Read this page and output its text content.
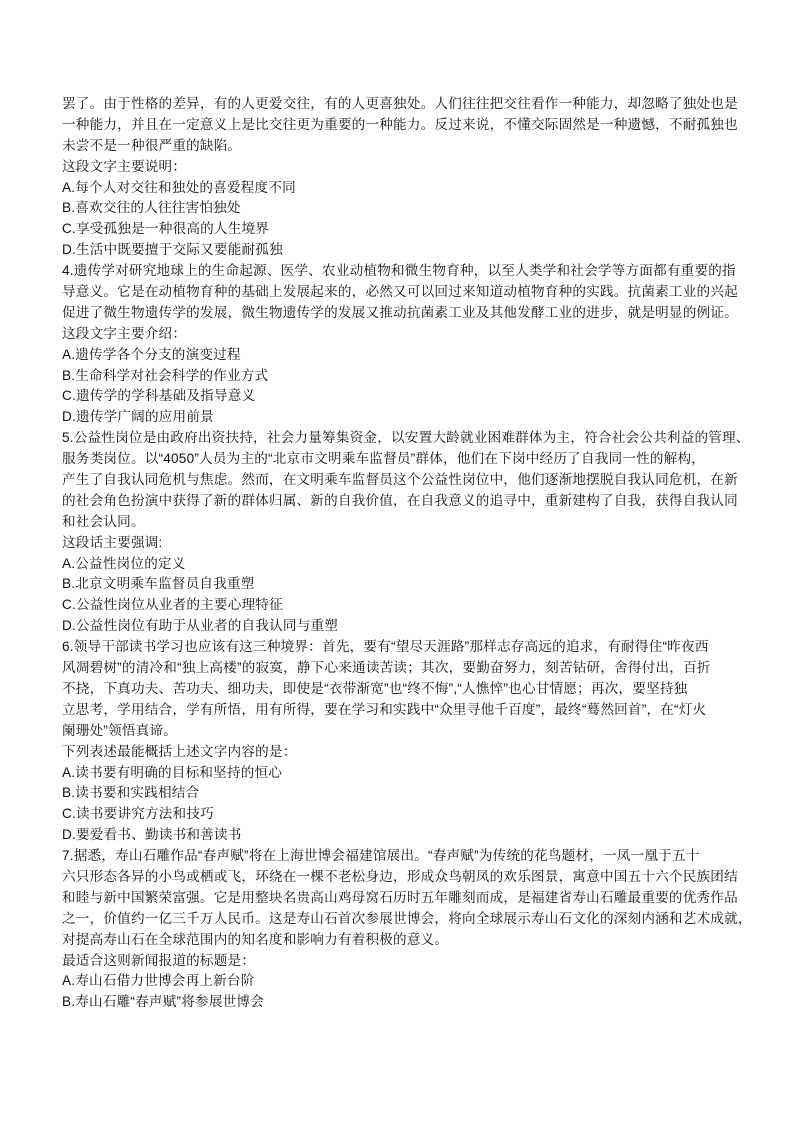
罢了。由于性格的差异，有的人更爱交往，有的人更喜独处。人们往往把交往看作一种能力，却忽略了独处也是
一种能力，并且在一定意义上是比交往更为重要的一种能力。反过来说，不懂交际固然是一种遗憾，不耐孤独也
未尝不是一种很严重的缺陷。
这段文字主要说明：
A.每个人对交往和独处的喜爱程度不同
B.喜欢交往的人往往害怕独处
C.享受孤独是一种很高的人生境界
D.生活中既要擅于交际又要能耐孤独
4.遗传学对研究地球上的生命起源、医学、农业动植物和微生物育种，以至人类学和社会学等方面都有重要的指
导意义。它是在动植物育种的基础上发展起来的，必然又可以回过来知道动植物育种的实践。抗菌素工业的兴起
促进了微生物遗传学的发展，微生物遗传学的发展又推动抗菌素工业及其他发酵工业的进步，就是明显的例证。
这段文字主要介绍：
A.遗传学各个分支的演变过程
B.生命科学对社会科学的作业方式
C.遗传学的学科基础及指导意义
D.遗传学广阔的应用前景
5.公益性岗位是由政府出资扶持，社会力量筹集资金，以安置大龄就业困难群体为主，符合社会公共利益的管理、
服务类岗位。以“4050”人员为主的“北京市文明乘车监督员”群体，他们在下岗中经历了自我同一性的解构，
产生了自我认同危机与焦虑。然而，在文明乘车监督员这个公益性岗位中，他们逐渐地摆脱自我认同危机，在新
的社会角色扮演中获得了新的群体归属、新的自我价值，在自我意义的追寻中，重新建构了自我，获得自我认同
和社会认同。
这段话主要强调:
A.公益性岗位的定义
B.北京文明乘车监督员自我重塑
C.公益性岗位从业者的主要心理特征
D.公益性岗位有助于从业者的自我认同与重塑
6.领导干部读书学习也应该有这三种境界：首先，要有“望尽天涯路”那样志存高远的追求，有耐得住“昨夜西
风凋碧树”的清冷和“独上高楼”的寂寞，静下心来通读苦读；其次，要勤奋努力，刻苦钻研，舍得付出，百折
不挠，下真功夫、苦功夫、细功夫，即使是“衣带渐宽”也“终不悔”,“人憔悴”也心甘情愿；再次，要坚持独
立思考，学用结合，学有所悟，用有所得，要在学习和实践中“众里寻他千百度”，最终“蓦然回首”，在“灯火
阑珊处”领悟真谛。
下列表述最能概括上述文字内容的是：
A.读书要有明确的目标和坚持的恒心
B.读书要和实践相结合
C.读书要讲究方法和技巧
D.要爱看书、勤读书和善读书
7.据悉，寿山石雕作品“春声赋”将在上海世博会福建馆展出。“春声赋”为传统的花鸟题材，一凤一凰于五十
六只形态各异的小鸟或栖或飞，环绕在一棵不老松身边，形成众鸟朝凤的欢乐图景，寓意中国五十六个民族团结
和睦与新中国繁荣富强。它是用整块名贵高山鸡母窝石历时五年雕刻而成，是福建省寿山石雕最重要的优秀作品
之一，价值约一亿三千万人民币。这是寿山石首次参展世博会，将向全球展示寿山石文化的深刻内涵和艺术成就，
对提高寿山石在全球范围内的知名度和影响力有着积极的意义。
最适合这则新闻报道的标题是：
A.寿山石借力世博会再上新台阶
B.寿山石雕“春声赋”将参展世博会
